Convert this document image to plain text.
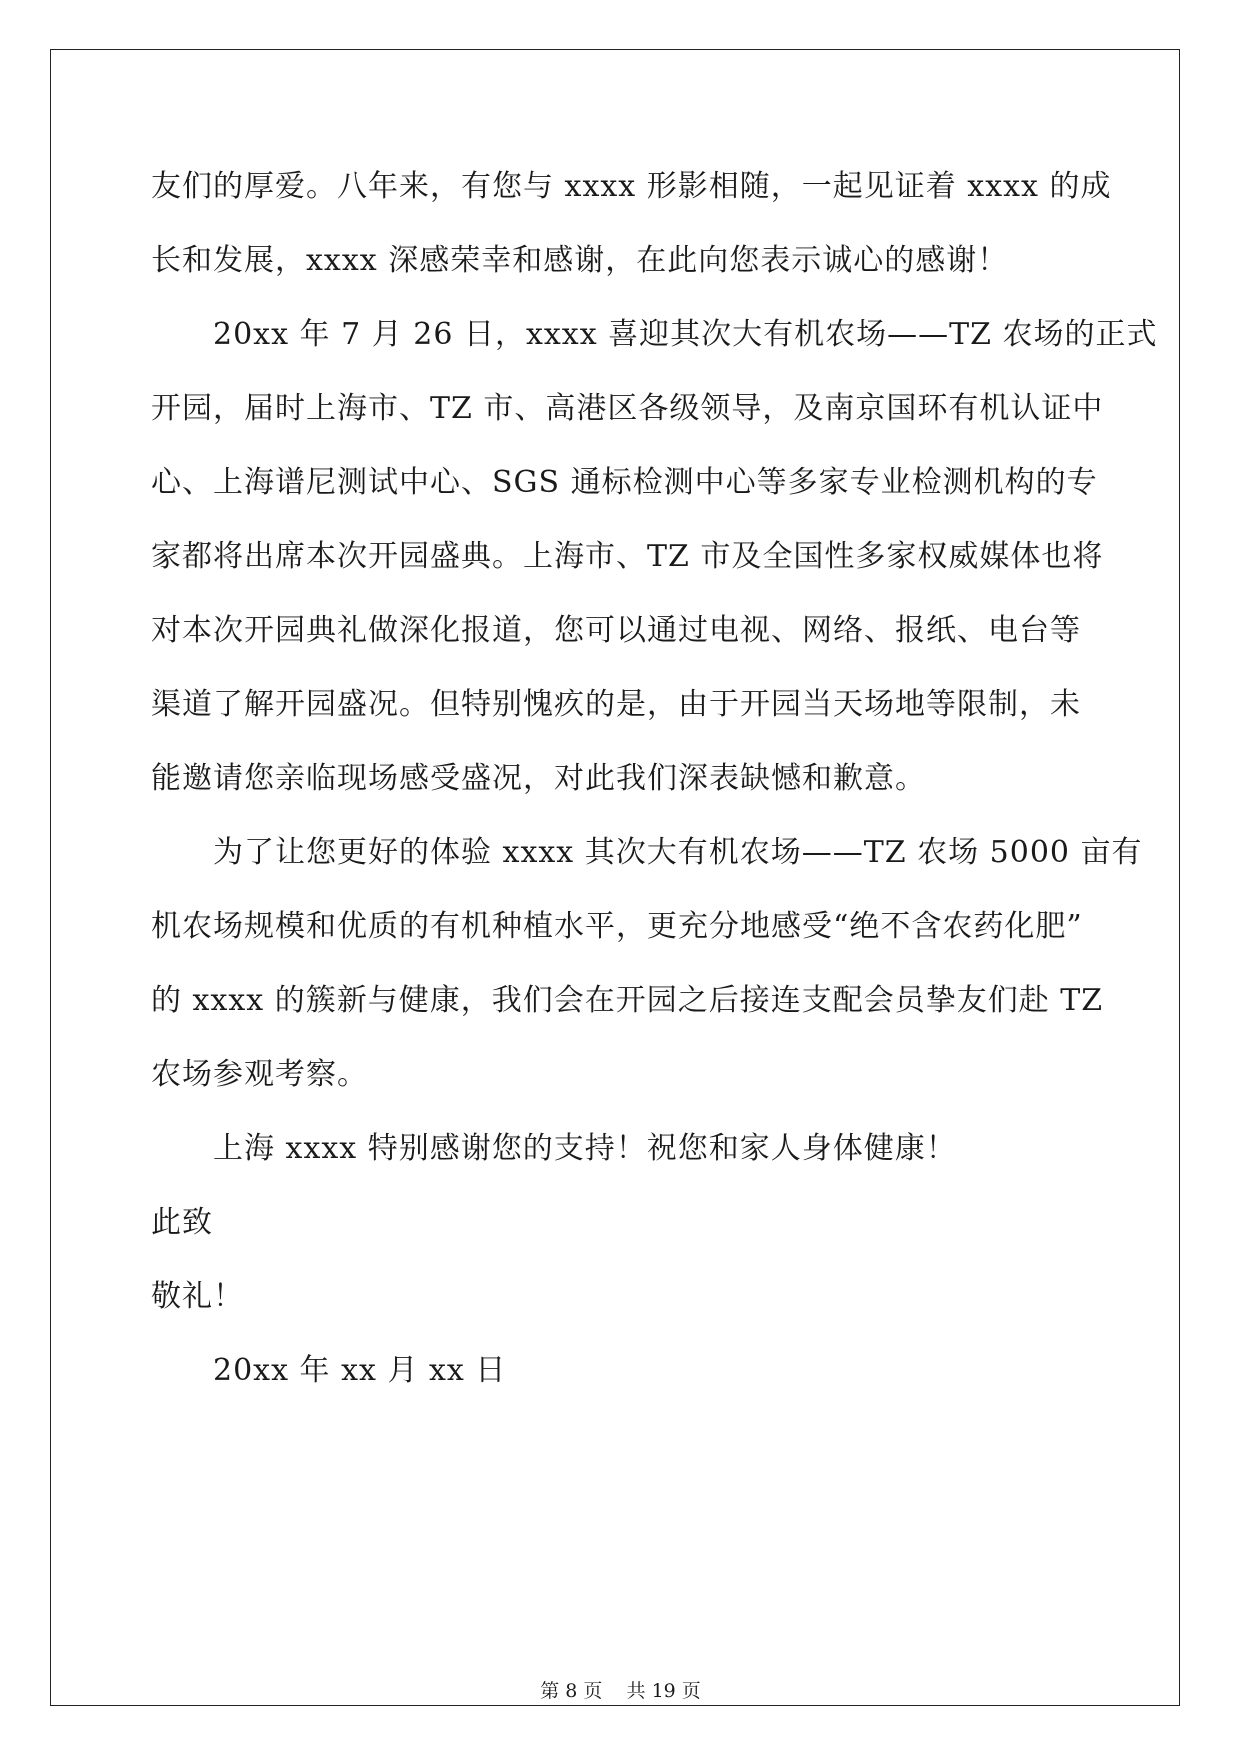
友们的厚爱。八年来，有您与 xxxx 形影相随，一起见证着 xxxx 的成
长和发展，xxxx 深感荣幸和感谢，在此向您表示诚心的感谢！
20xx 年 7 月 26 日，xxxx 喜迎其次大有机农场——TZ 农场的正式
开园，届时上海市、TZ 市、高港区各级领导，及南京国环有机认证中
心、上海谱尼测试中心、SGS 通标检测中心等多家专业检测机构的专
家都将出席本次开园盛典。上海市、TZ 市及全国性多家权威媒体也将
对本次开园典礼做深化报道，您可以通过电视、网络、报纸、电台等
渠道了解开园盛况。但特别愧疚的是，由于开园当天场地等限制，未
能邀请您亲临现场感受盛况，对此我们深表缺憾和歉意。
为了让您更好的体验 xxxx 其次大有机农场——TZ 农场 5000 亩有
机农场规模和优质的有机种植水平，更充分地感受“绝不含农药化肥”
的 xxxx 的簇新与健康，我们会在开园之后接连支配会员挚友们赴 TZ
农场参观考察。
上海 xxxx 特别感谢您的支持！祝您和家人身体健康！
此致
敬礼！
20xx 年 xx 月 xx 日
第 8 页    共 19 页
